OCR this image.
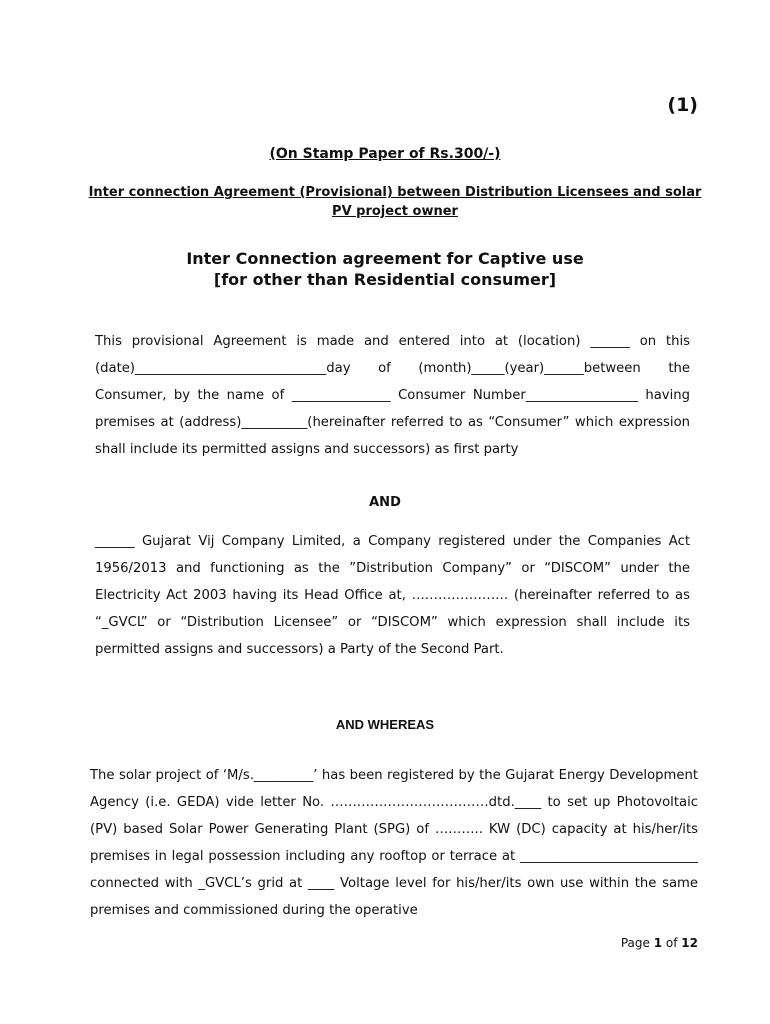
(1)
(On Stamp Paper of Rs.300/-)
Inter connection Agreement (Provisional) between Distribution Licensees and solar PV project owner
Inter Connection agreement for Captive use
[for other than Residential consumer]
This provisional Agreement is made and entered into at (location) ______ on this (date)_____________________________day of (month)_____(year)______between the Consumer, by the name of _______________ Consumer Number_________________ having premises at (address)__________(hereinafter referred to as “Consumer” which expression shall include its permitted assigns and successors) as first party
AND
______ Gujarat Vij Company Limited, a Company registered under the Companies Act 1956/2013 and functioning as the ”Distribution Company” or “DISCOM” under the Electricity Act 2003 having its Head Office at, …………………. (hereinafter referred to as “_GVCL” or “Distribution Licensee” or “DISCOM” which expression shall include its permitted assigns and successors) a Party of the Second Part.
AND WHEREAS
The solar project of ‘M/s._________’ has been registered by the Gujarat Energy Development Agency (i.e. GEDA) vide letter No. ………………………………dtd.____ to set up Photovoltaic (PV) based Solar Power Generating Plant (SPG) of ……….. KW (DC) capacity at his/her/its premises in legal possession including any rooftop or terrace at ___________________________ connected with _GVCL’s grid at ____ Voltage level for his/her/its own use within the same premises and commissioned during the operative
Page 1 of 12
